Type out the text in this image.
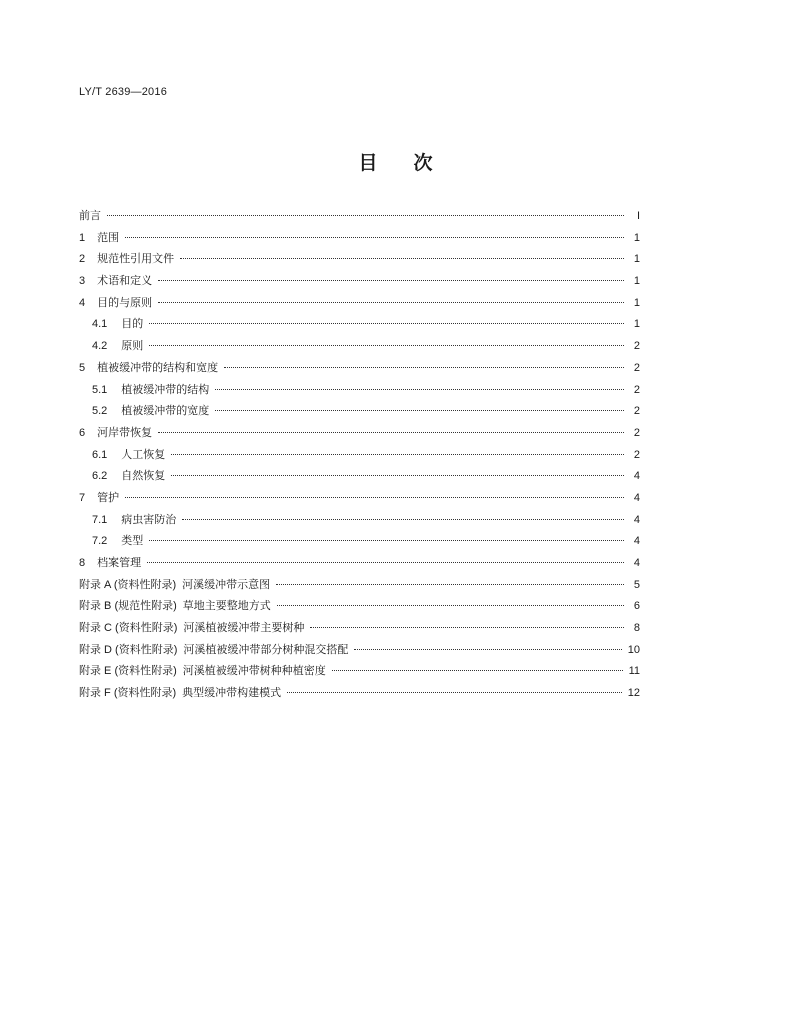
LY/T 2639—2016
目次
前言	I
1 范围	1
2 规范性引用文件	1
3 术语和定义	1
4 目的与原则	1
4.1 目的	1
4.2 原则	2
5 植被缓冲带的结构和宽度	2
5.1 植被缓冲带的结构	2
5.2 植被缓冲带的宽度	2
6 河岸带恢复	2
6.1 人工恢复	2
6.2 自然恢复	4
7 管护	4
7.1 病虫害防治	4
7.2 类型	4
8 档案管理	4
附录 A (资料性附录) 河溪缓冲带示意图	5
附录 B (规范性附录) 草地主要整地方式	6
附录 C (资料性附录) 河溪植被缓冲带主要树种	8
附录 D (资料性附录) 河溪植被缓冲带部分树种混交搭配	10
附录 E (资料性附录) 河溪植被缓冲带树种种植密度	11
附录 F (资料性附录) 典型缓冲带构建模式	12
